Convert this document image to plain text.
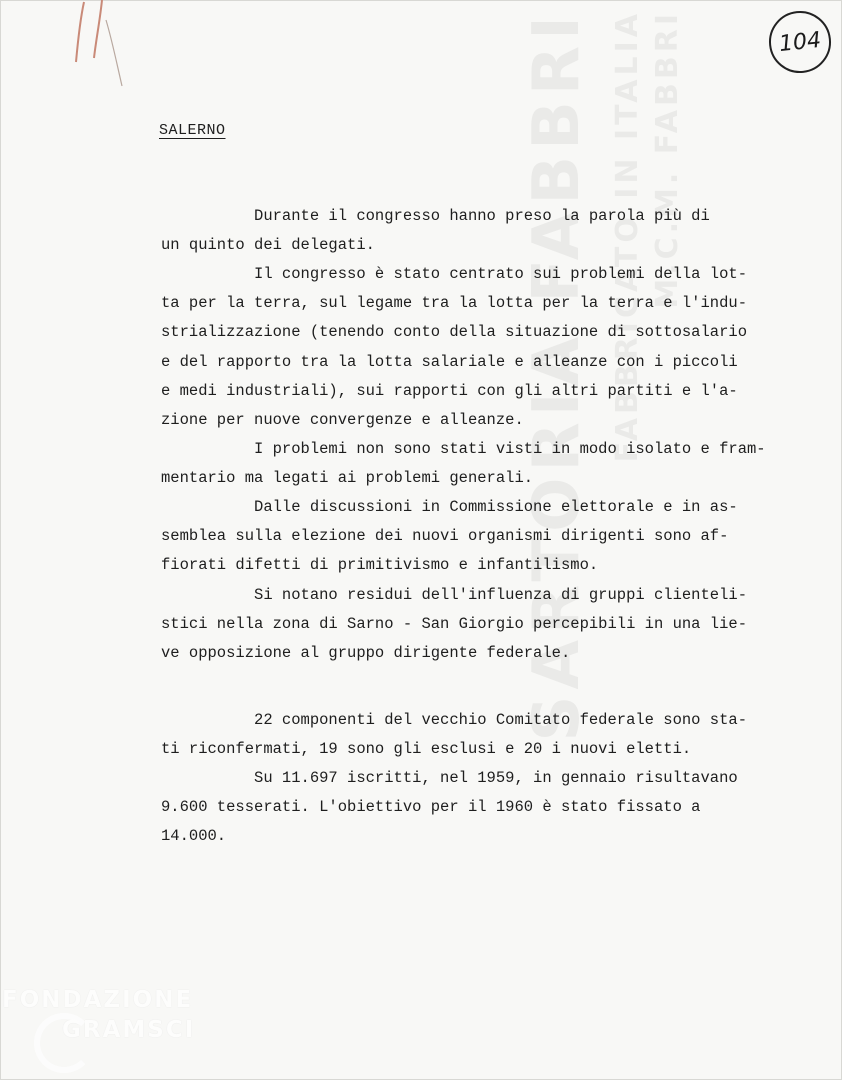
SARTORIA FABBRI FABBRICATO IN ITALIA M.C.M. FABBRI	104
SALERNO
Durante il congresso hanno preso la parola più di
un quinto dei delegati.
Il congresso è stato centrato sui problemi della lot-
ta per la terra, sul legame tra la lotta per la terra e l'indu-
strializzazione (tenendo conto della situazione di sottosalario
e del rapporto tra la lotta salariale e alleanze con i piccoli
e medi industriali), sui rapporti con gli altri partiti e l'a-
zione per nuove convergenze e alleanze.
I problemi non sono stati visti in modo isolato e fram-
mentario ma legati ai problemi generali.
Dalle discussioni in Commissione elettorale e in as-
semblea sulla elezione dei nuovi organismi dirigenti sono af-
fiorati difetti di primitivismo e infantilismo.
Si notano residui dell'influenza di gruppi clienteli-
stici nella zona di Sarno - San Giorgio percepibili in una lie-
ve opposizione al gruppo dirigente federale.
22 componenti del vecchio Comitato federale sono sta-
ti riconfermati, 19 sono gli esclusi e 20 i nuovi eletti.
Su 11.697 iscritti, nel 1959, in gennaio risultavano
9.600 tesserati. L'obiettivo per il 1960 è stato fissato a
14.000.
FONDAZIONE
GRAMSCI
